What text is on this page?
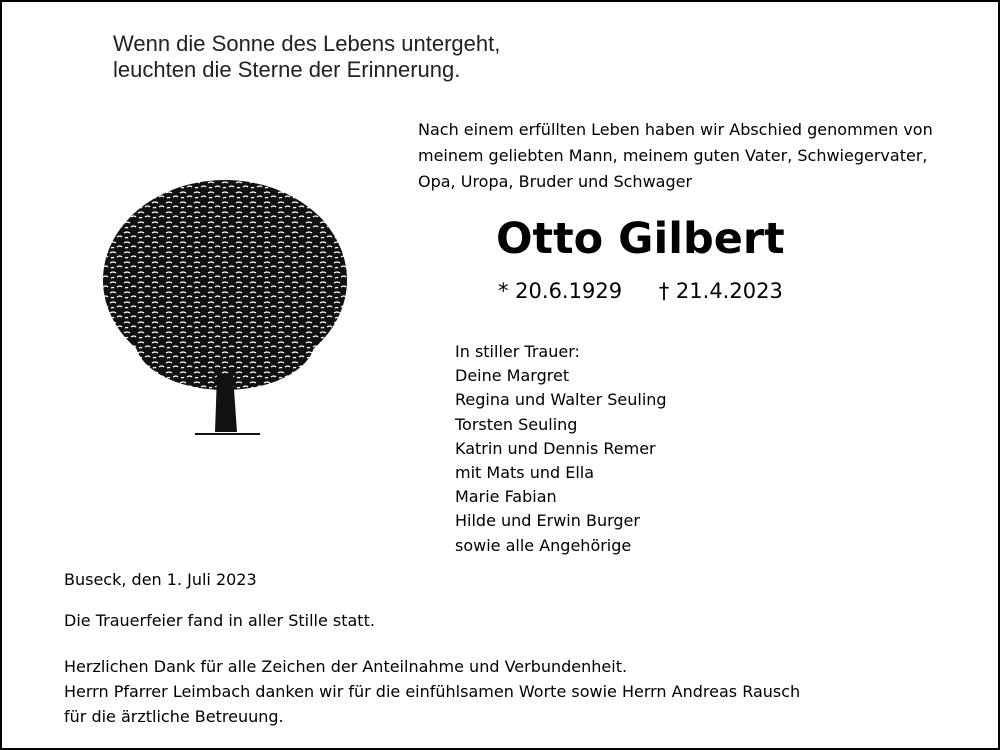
Wenn die Sonne des Lebens untergeht,
leuchten die Sterne der Erinnerung.
Nach einem erfüllten Leben haben wir Abschied genommen von
meinem geliebten Mann, meinem guten Vater, Schwiegervater,
Opa, Uropa, Bruder und Schwager
Otto Gilbert
* 20.6.1929 † 21.4.2023
In stiller Trauer:
Deine Margret
Regina und Walter Seuling
Torsten Seuling
Katrin und Dennis Remer
mit Mats und Ella
Marie Fabian
Hilde und Erwin Burger
sowie alle Angehörige
Buseck, den 1. Juli 2023
Die Trauerfeier fand in aller Stille statt.
Herzlichen Dank für alle Zeichen der Anteilnahme und Verbundenheit.
Herrn Pfarrer Leimbach danken wir für die einfühlsamen Worte sowie Herrn Andreas Rausch
für die ärztliche Betreuung.
